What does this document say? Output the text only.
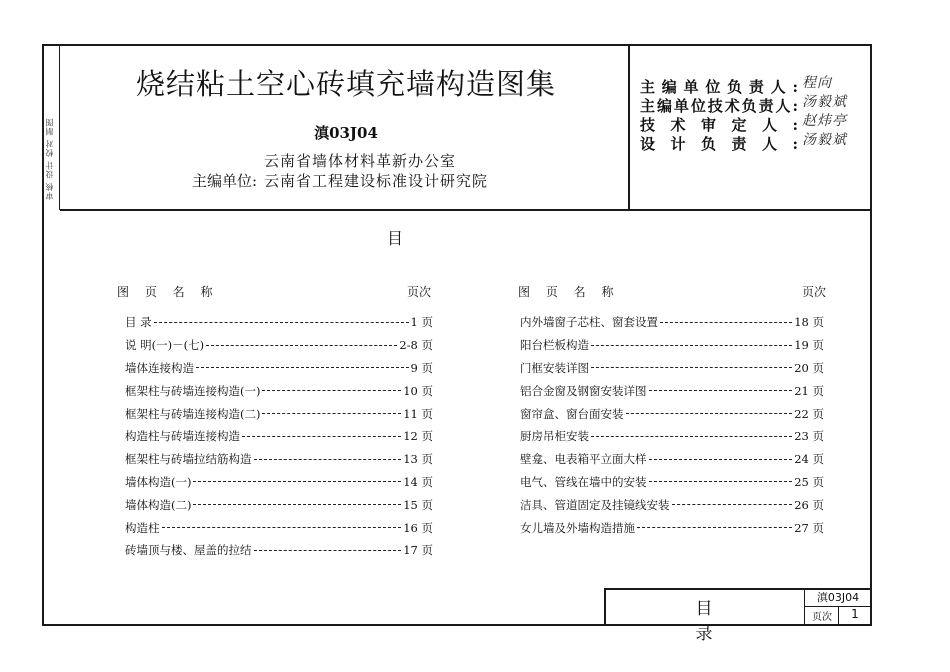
审核 设计 校对 制图
烧结粘土空心砖填充墙构造图集
滇03J04
主编单位:
云南省墙体材料革新办公室
云南省工程建设标准设计研究院
主编单位负责人: 程向
主编单位技术负责人: 汤毅斌
技术审定人: 赵炜亭
设计负责人: 汤毅斌
目
图 页 名 称	页次	图 页 名 称	页次
目 录	1 页
说 明(一)－(七)	2-8 页
墙体连接构造	9 页
框架柱与砖墙连接构造(一)	10 页
框架柱与砖墙连接构造(二)	11 页
构造柱与砖墙连接构造	12 页
框架柱与砖墙拉结筋构造	13 页
墙体构造(一)	14 页
墙体构造(二)	15 页
构造柱	16 页
砖墙顶与楼、屋盖的拉结	17 页
内外墙窗子芯柱、窗套设置	18 页
阳台栏板构造	19 页
门框安装详图	20 页
铝合金窗及钢窗安装详图	21 页
窗帘盒、窗台面安装	22 页
厨房吊柜安装	23 页
壁龛、电表箱平立面大样	24 页
电气、管线在墙中的安装	25 页
洁具、管道固定及挂镜线安装	26 页
女儿墙及外墙构造措施	27 页
目录
滇03J04
页次	1
